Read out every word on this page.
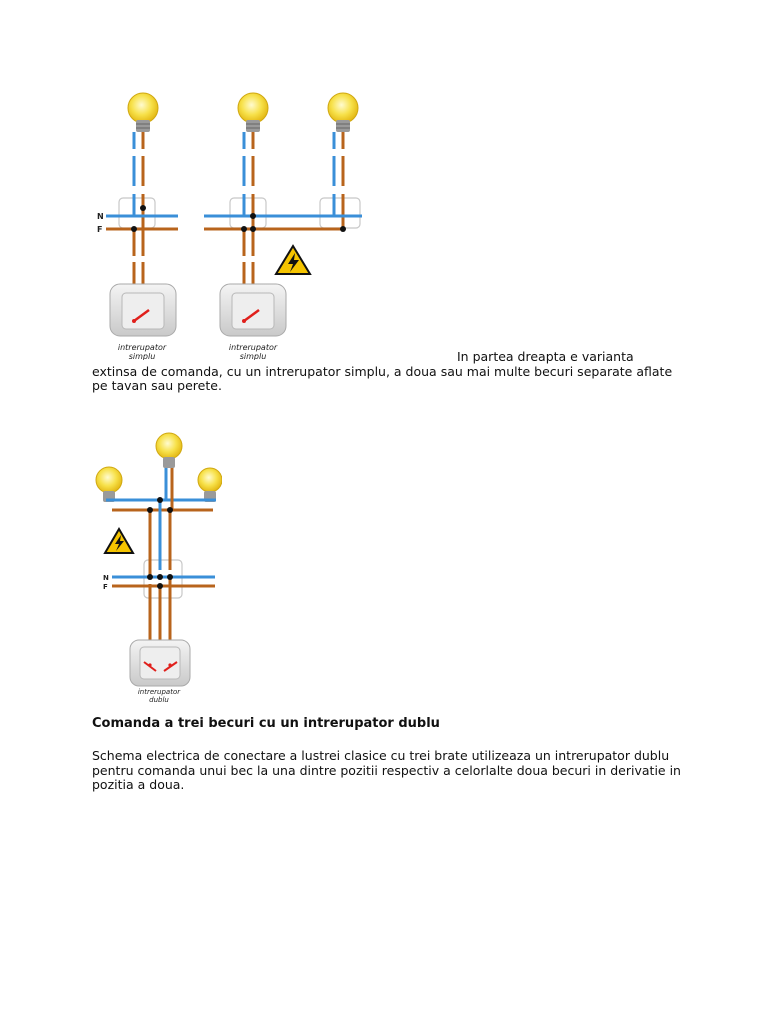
N
F
intrerupator
simplu
intrerupator
simplu	In partea dreapta e varianta extinsa de comanda, cu un intrerupator simplu, a doua sau mai multe becuri separate aflate pe tavan sau perete.

N
F
intrerupator
dublu

Comanda a trei becuri cu un intrerupator dublu

Schema electrica de conectare a lustrei clasice cu trei brate utilizeaza un intrerupator dublu pentru comanda unui bec la una dintre pozitii respectiv a celorlalte doua becuri in derivatie in pozitia a doua.
